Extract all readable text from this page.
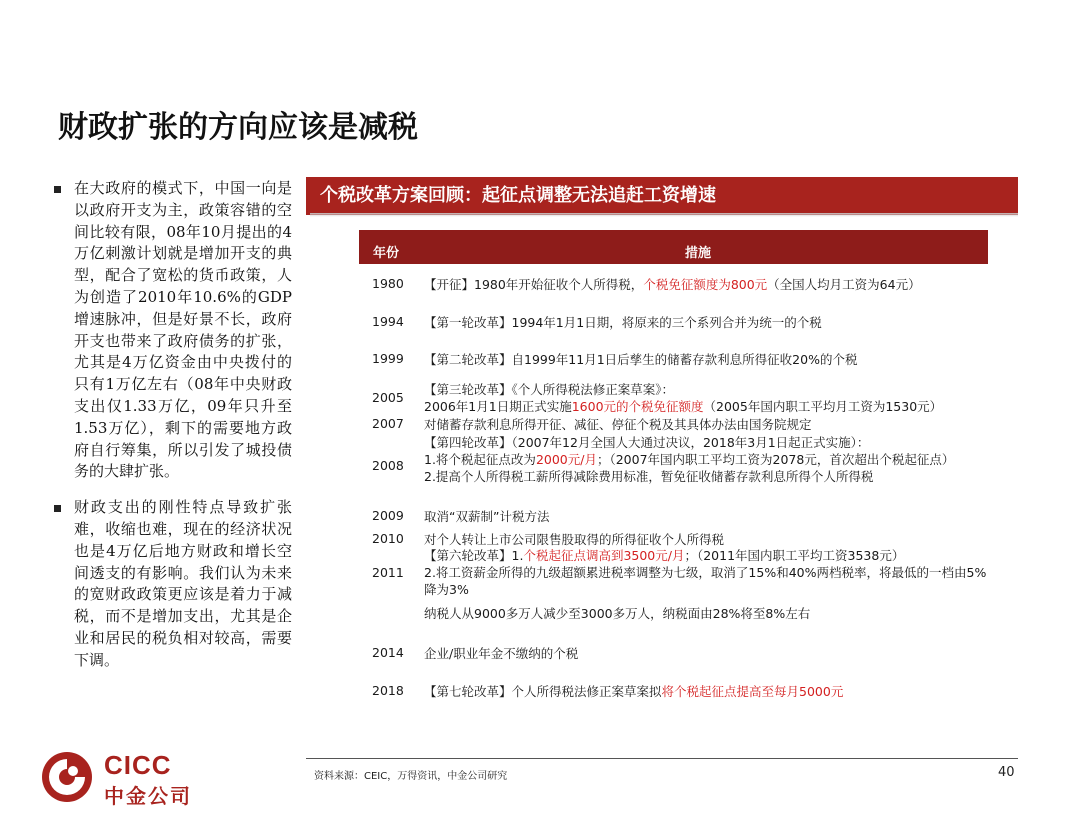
财政扩张的方向应该是减税
在大政府的模式下，中国一向是以政府开支为主，政策容错的空间比较有限，08年10月提出的4万亿刺激计划就是增加开支的典型，配合了宽松的货币政策，人为创造了2010年10.6%的GDP增速脉冲，但是好景不长，政府开支也带来了政府债务的扩张，尤其是4万亿资金由中央拨付的只有1万亿左右（08年中央财政支出仅1.33万亿，09年只升至1.53万亿），剩下的需要地方政府自行筹集，所以引发了城投债务的大肆扩张。
财政支出的刚性特点导致扩张难，收缩也难，现在的经济状况也是4万亿后地方财政和增长空间透支的有影响。我们认为未来的宽财政政策更应该是着力于减税，而不是增加支出，尤其是企业和居民的税负相对较高，需要下调。
个税改革方案回顾：起征点调整无法追赶工资增速
年份	措施
1980	【开征】1980年开始征收个人所得税，个税免征额度为800元（全国人均月工资为64元）
1994	【第一轮改革】1994年1月1日期，将原来的三个系列合并为统一的个税
1999	【第二轮改革】自1999年11月1日后孳生的储蓄存款利息所得征收20%的个税
2005
【第三轮改革】《个人所得税法修正案草案》：
2006年1月1日期正式实施1600元的个税免征额度（2005年国内职工平均月工资为1530元）
2007	对储蓄存款利息所得开征、减征、停征个税及其具体办法由国务院规定
2008
【第四轮改革】（2007年12月全国人大通过决议，2018年3月1日起正式实施）：
1.将个税起征点改为2000元/月；（2007年国内职工平均工资为2078元，首次超出个税起征点）
2.提高个人所得税工薪所得减除费用标准，暂免征收储蓄存款利息所得个人所得税
2009	取消“双薪制”计税方法
2010	对个人转让上市公司限售股取得的所得征收个人所得税
2011
【第六轮改革】1.个税起征点调高到3500元/月；（2011年国内职工平均工资3538元）
2.将工资薪金所得的九级超额累进税率调整为七级，取消了15%和40%两档税率，将最低的一档由5%降为3%
纳税人从9000多万人减少至3000多万人，纳税面由28%将至8%左右
2014	企业/职业年金不缴纳的个税
2018	【第七轮改革】个人所得税法修正案草案拟将个税起征点提高至每月5000元
资料来源：CEIC，万得资讯，中金公司研究	40
CICC
中金公司
